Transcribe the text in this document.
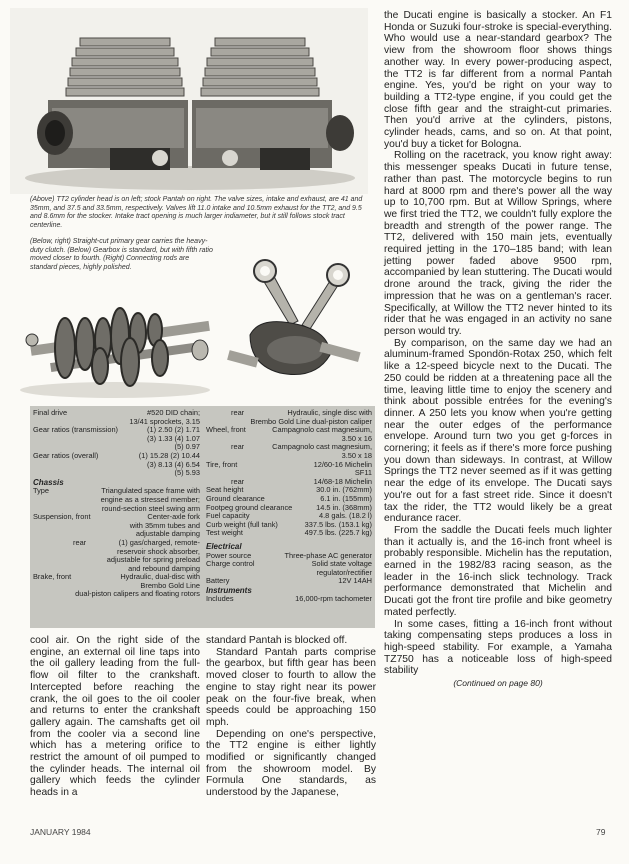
(Above) TT2 cylinder head is on left; stock Pantah on right. The valve sizes, intake and exhaust, are 41 and 35mm, and 37.5 and 33.5mm, respectively. Valves lift 11.0 intake and 10.5mm exhaust for the TT2, and 9.5 and 8.6mm for the stocker. Intake tract opening is much larger indiameter, but it still follows stock tract centerline.
(Below, right) Straight-cut primary gear carries the heavy-duty clutch. (Below) Gearbox is standard, but with fifth ratio moved closer to fourth. (Right) Connecting rods are standard pieces, highly polished.
Final drive	#520 DID chain;
13/41 sprockets, 3.15
Gear ratios (transmission)	(1) 2.50 (2) 1.71
(3) 1.33 (4) 1.07
(5) 0.97
Gear ratios (overall)	(1) 15.28 (2) 10.44
(3) 8.13 (4) 6.54
(5) 5.93
Chassis
Type	Triangulated space frame with
engine as a stressed member;
round-section steel swing arm
Suspension, front	Center-axle fork
with 35mm tubes and
adjustable damping
rear	(1) gas/charged, remote-
reservoir shock absorber,
adjustable for spring preload
and rebound damping
Brake, front	Hydraulic, dual-disc with
Brembo Gold Line
dual-piston calipers and floating rotors
rear	Hydraulic, single disc with
Brembo Gold Line dual-piston caliper
Wheel, front	Campagnolo cast magnesium,
3.50 x 16
rear	Campagnolo cast magnesium,
3.50 x 18
Tire, front	12/60-16 Michelin
SF11
rear	14/68-18 Michelin
Seat height	30.0 in. (762mm)
Ground clearance	6.1 in. (155mm)
Footpeg ground clearance	14.5 in. (368mm)
Fuel capacity	4.8 gals. (18.2 l)
Curb weight (full tank)	337.5 lbs. (153.1 kg)
Test weight	497.5 lbs. (225.7 kg)
Electrical
Power source	Three-phase AC generator
Charge control	Solid state voltage
regulator/rectifier
Battery	12V 14AH
Instruments
Includes	16,000-rpm tachometer

cool air. On the right side of the engine, an external oil line taps into the oil gallery leading from the full-flow oil filter to the crankshaft. Intercepted before reaching the crank, the oil goes to the oil cooler and returns to enter the crankshaft gallery again. The camshafts get oil from the cooler via a second line which has a metering orifice to restrict the amount of oil pumped to the cylinder heads. The internal oil gallery which feeds the cylinder heads in a

standard Pantah is blocked off.

Standard Pantah parts comprise the gearbox, but fifth gear has been moved closer to fourth to allow the engine to stay right near its power peak on the four-five break, when speeds could be approaching 150 mph.

Depending on one's perspective, the TT2 engine is either lightly modified or significantly changed from the showroom model. By Formula One standards, as understood by the Japanese,

the Ducati engine is basically a stocker. An F1 Honda or Suzuki four-stroke is special-everything. Who would use a near-standard gearbox? The view from the showroom floor shows things another way. In every power-producing aspect, the TT2 is far different from a normal Pantah engine. Yes, you'd be right on your way to building a TT2-type engine, if you could get the close fifth gear and the straight-cut primaries. Then you'd arrive at the cylinders, pistons, cylinder heads, cams, and so on. At that point, you'd buy a ticket for Bologna.

Rolling on the racetrack, you know right away: this messenger speaks Ducati in future tense, rather than past. The motorcycle begins to run hard at 8000 rpm and there's power all the way up to 10,700 rpm. But at Willow Springs, where we first tried the TT2, we couldn't fully explore the breadth and strength of the power range. The TT2, delivered with 150 main jets, eventually required jetting in the 170–185 band; with lean jetting power faded above 9500 rpm, accompanied by lean stuttering. The Ducati would drone around the track, giving the rider the impression that he was on a gentleman's racer. Specifically, at Willow the TT2 never hinted to its rider that he was engaged in an activity no sane person would try.

By comparison, on the same day we had an aluminum-framed Spondön-Rotax 250, which felt like a 12-speed bicycle next to the Ducati. The 250 could be ridden at a threatening pace all the time, leaving little time to enjoy the scenery and think about possible entrées for the evening's dinner. A 250 lets you know when you're getting near the outer edges of the performance envelope. Around turn two you get g-forces in cornering; it feels as if there's more force pushing you down than sideways. In contrast, at Willow Springs the TT2 never seemed as if it was getting near the edge of its envelope. The Ducati says you're out for a fast street ride. Since it doesn't tax the rider, the TT2 would likely be a great endurance racer.

From the saddle the Ducati feels much lighter than it actually is, and the 16-inch front wheel is probably responsible. Michelin has the reputation, earned in the 1982/83 racing season, as the leader in the 16-inch slick technology. Track performance demonstrated that Michelin and Ducati got the front tire profile and bike geometry mated perfectly.

In some cases, fitting a 16-inch front without taking compensating steps produces a loss in high-speed stability. For example, a Yamaha TZ750 has a noticeable loss of high-speed stability

(Continued on page 80)
JANUARY 1984	79
